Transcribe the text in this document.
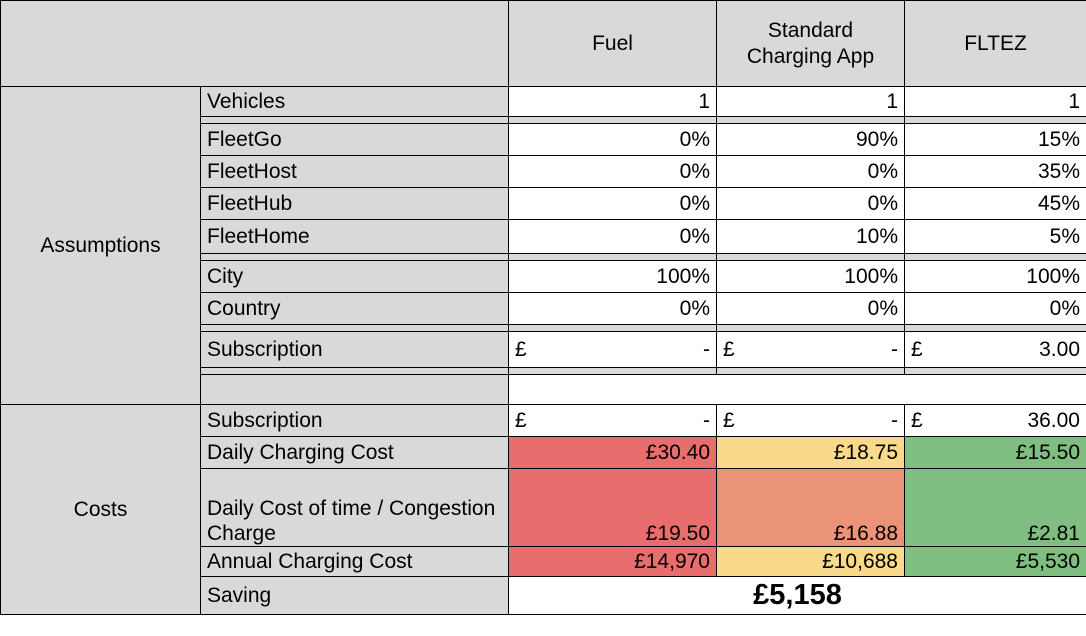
		Fuel	Standard Charging App	FLTEZ
Assumptions	Vehicles	1	1	1

	FleetGo	0%	90%	15%
	FleetHost	0%	0%	35%
	FleetHub	0%	0%	45%
	FleetHome	0%	10%	5%

	City	100%	100%	100%
	Country	0%	0%	0%

	Subscription	£ -	£ -	£ 3.00

Costs	Subscription	£ -	£ -	£ 36.00

	Daily Charging Cost	£30.40	£18.75	£15.50
	Daily Cost of time / Congestion Charge	£19.50	£16.88	£2.81
	Annual Charging Cost	£14,970	£10,688	£5,530
	Saving	£5,158		
